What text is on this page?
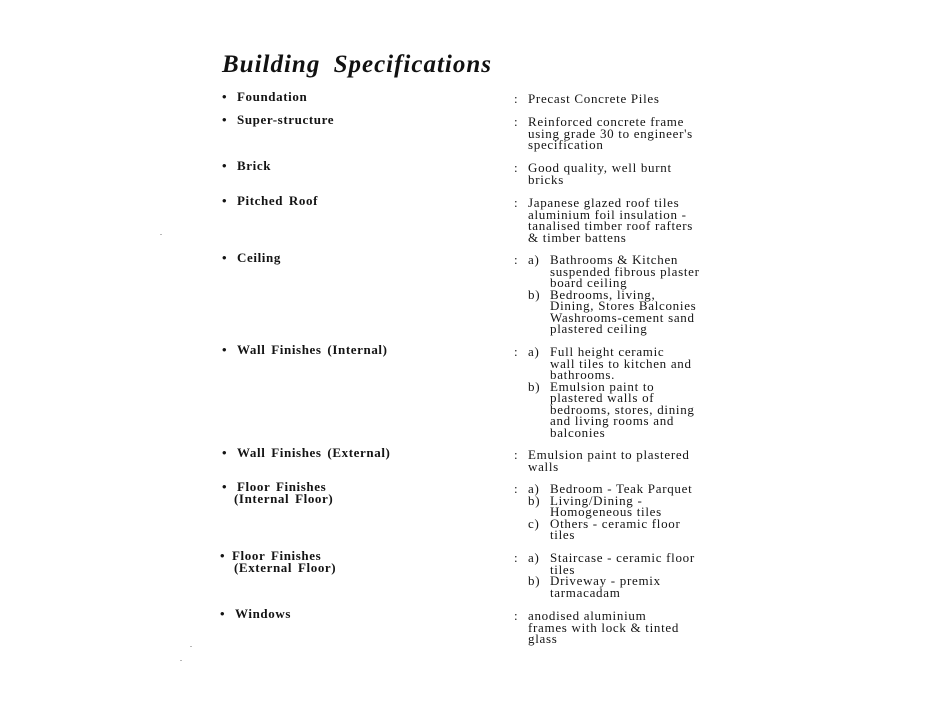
Building Specifications
• Foundation	: Precast Concrete Piles
• Super-structure	: Reinforced concrete frame
using grade 30 to engineer's
specification
• Brick	: Good quality, well burnt
bricks
• Pitched Roof	: Japanese glazed roof tiles
aluminium foil insulation -
tanalised timber roof rafters
& timber battens
• Ceiling	: a) Bathrooms & Kitchen
suspended fibrous plaster
board ceiling
b) Bedrooms, living,
Dining, Stores Balconies
Washrooms-cement sand
plastered ceiling
• Wall Finishes (Internal)	: a) Full height ceramic
wall tiles to kitchen and
bathrooms.
b) Emulsion paint to
plastered walls of
bedrooms, stores, dining
and living rooms and
balconies
• Wall Finishes (External)	: Emulsion paint to plastered
walls
• Floor Finishes
(Internal Floor)
: a) Bedroom - Teak Parquet
b) Living/Dining -
Homogeneous tiles
c) Others - ceramic floor
tiles
• Floor Finishes
(External Floor)
: a) Staircase - ceramic floor
tiles
b) Driveway - premix
tarmacadam
• Windows	: anodised aluminium
frames with lock & tinted
glass
